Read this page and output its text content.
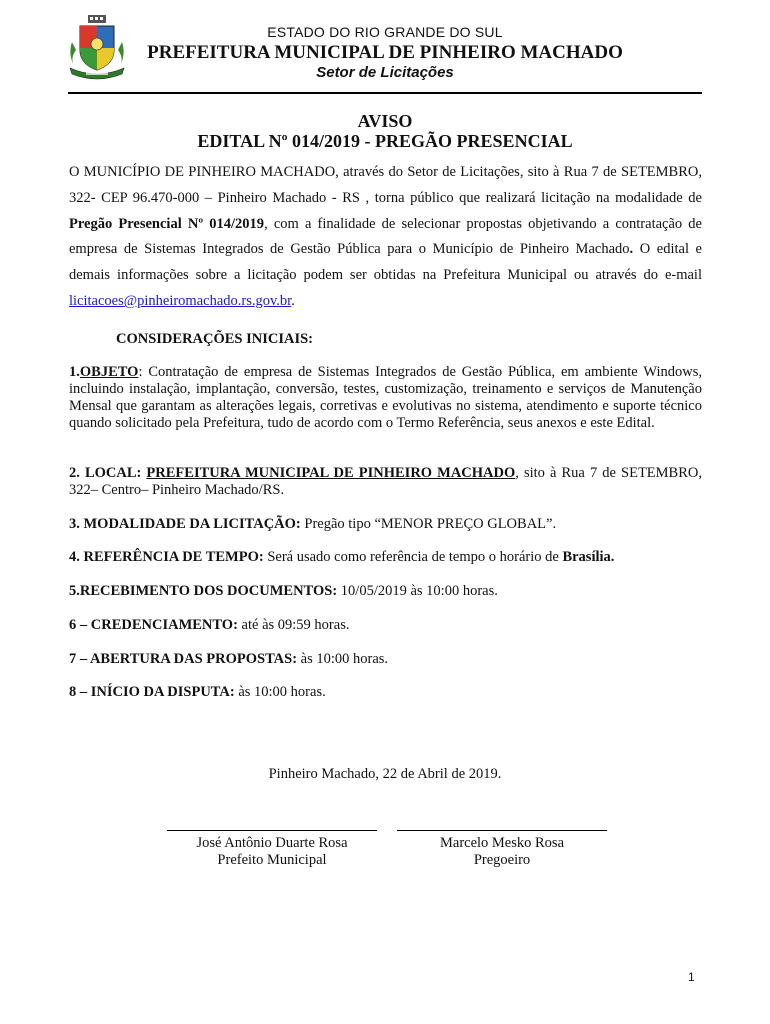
ESTADO DO RIO GRANDE DO SUL
PREFEITURA MUNICIPAL DE PINHEIRO MACHADO
Setor de Licitações
AVISO
EDITAL Nº 014/2019 - PREGÃO PRESENCIAL
O MUNICÍPIO DE PINHEIRO MACHADO, através do Setor de Licitações, sito à Rua 7 de SETEMBRO, 322- CEP 96.470-000 – Pinheiro Machado - RS , torna público que realizará licitação na modalidade de Pregão Presencial Nº 014/2019, com a finalidade de selecionar propostas objetivando a contratação de empresa de Sistemas Integrados de Gestão Pública para o Município de Pinheiro Machado. O edital e demais informações sobre a licitação podem ser obtidas na Prefeitura Municipal ou através do e-mail licitacoes@pinheiromachado.rs.gov.br.
CONSIDERAÇÕES INICIAIS:
1.OBJETO: Contratação de empresa de Sistemas Integrados de Gestão Pública, em ambiente Windows, incluindo instalação, implantação, conversão, testes, customização, treinamento e serviços de Manutenção Mensal que garantam as alterações legais, corretivas e evolutivas no sistema, atendimento e suporte técnico quando solicitado pela Prefeitura, tudo de acordo com o Termo Referência, seus anexos e este Edital.
2. LOCAL: PREFEITURA MUNICIPAL DE PINHEIRO MACHADO, sito à Rua 7 de SETEMBRO, 322– Centro– Pinheiro Machado/RS.
3. MODALIDADE DA LICITAÇÃO: Pregão tipo “MENOR PREÇO GLOBAL”.
4. REFERÊNCIA DE TEMPO: Será usado como referência de tempo o horário de Brasília.
5.RECEBIMENTO DOS DOCUMENTOS: 10/05/2019 às 10:00 horas.
6 – CREDENCIAMENTO: até às 09:59 horas.
7 – ABERTURA DAS PROPOSTAS: às 10:00 horas.
8 – INÍCIO DA DISPUTA: às 10:00 horas.
Pinheiro Machado, 22 de Abril de 2019.
José Antônio Duarte Rosa
Prefeito Municipal
Marcelo Mesko Rosa
Pregoeiro
1
